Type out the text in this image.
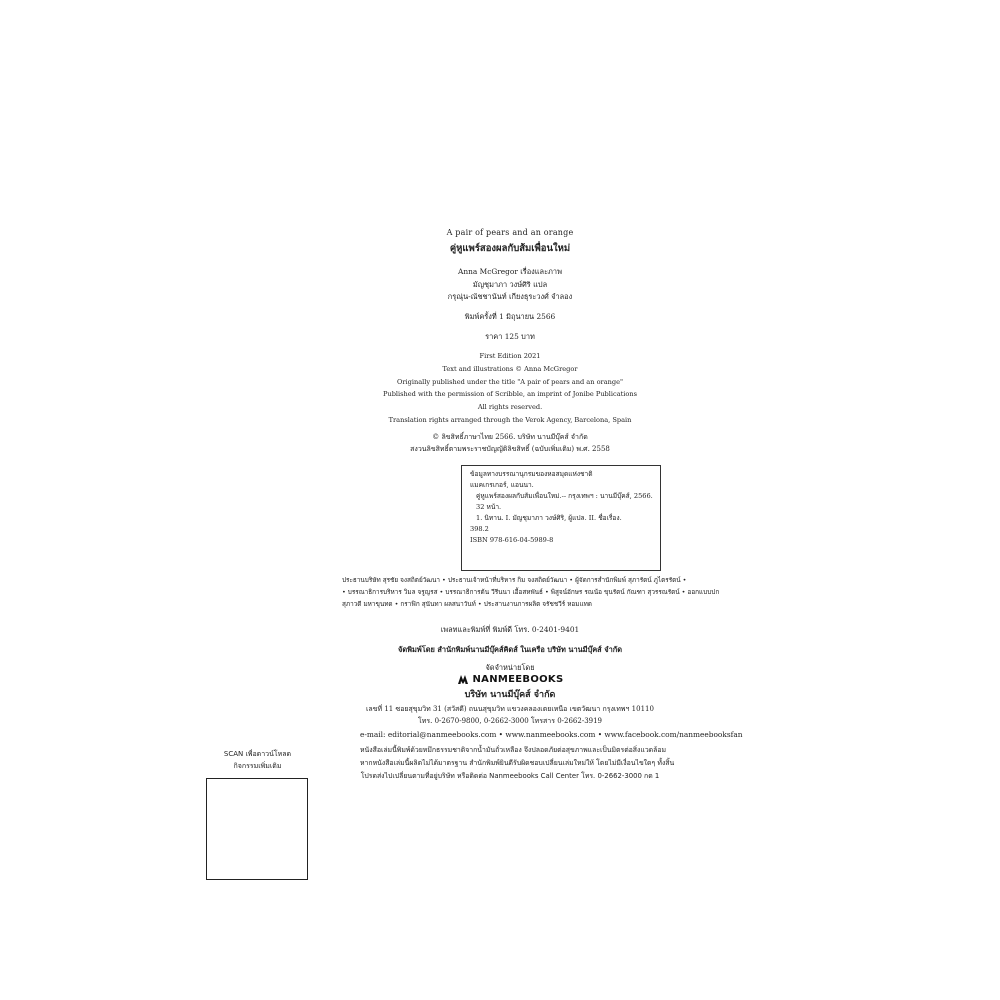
A pair of pears and an orange
คู่หูแพร์สองผลกับส้มเพื่อนใหม่
Anna McGregor เรื่องและภาพ
มัญชุมาภา วงษ์ศิริ แปล
กรุณุ่น-ณัชชานันท์ เกียงธุระวงศ์ จำลอง
พิมพ์ครั้งที่ 1 มิถุนายน 2566
ราคา 125 บาท
First Edition 2021
Text and illustrations © Anna McGregor
Originally published under the title "A pair of pears and an orange"
Published with the permission of Scribble, an imprint of Jonibe Publications
All rights reserved.
Translation rights arranged through the Verok Agency, Barcelona, Spain
© ลิขสิทธิ์ภาษาไทย 2566. บริษัท นานมีบุ๊คส์ จำกัด
สงวนลิขสิทธิ์ตามพระราชบัญญัติลิขสิทธิ์ (ฉบับเพิ่มเติม) พ.ศ. 2558
เพลทและพิมพ์ที่ พิมพ์ดี โทร. 0-2401-9401
จัดพิมพ์โดย สำนักพิมพ์นานมีบุ๊คส์คิดส์ ในเครือ บริษัท นานมีบุ๊คส์ จำกัด
จัดจำหน่ายโดย
NANMEEBOOKS
บริษัท นานมีบุ๊คส์ จำกัด
เลขที่ 11 ซอยสุขุมวิท 31 (สวัสดี) ถนนสุขุมวิท แขวงคลองเตยเหนือ เขตวัฒนา กรุงเทพฯ 10110
โทร. 0-2670-9800, 0-2662-3000 โทรสาร 0-2662-3919
e-mail: editorial@nanmeebooks.com • www.nanmeebooks.com • www.facebook.com/nanmeebooksfan
หนังสือเล่มนี้พิมพ์ด้วยหมึกธรรมชาติจากน้ำมันถั่วเหลือง จึงปลอดภัยต่อสุขภาพและเป็นมิตรต่อสิ่งแวดล้อม
หากหนังสือเล่มนี้ผลิตไม่ได้มาตรฐาน สำนักพิมพ์ยินดีรับผิดชอบเปลี่ยนเล่มใหม่ให้ โดยไม่มีเงื่อนไขใดๆ ทั้งสิ้น
โปรดส่งไปเปลี่ยนตามที่อยู่บริษัท หรือติดต่อ Nanmeebooks Call Center โทร. 0-2662-3000 กด 1
ข้อมูลทางบรรณานุกรมของหอสมุดแห่งชาติ
แมคเกรเกอร์, แอนนา.
คู่หูแพร์สองผลกับส้มเพื่อนใหม่.-- กรุงเทพฯ : นานมีบุ๊คส์, 2566.
32 หน้า.
1. นิทาน. I. มัญชุมาภา วงษ์ศิริ, ผู้แปล. II. ชื่อเรื่อง.
398.2
ISBN 978-616-04-5989-8
ประธานบริษัท สุรชัย จงสถิตย์วัฒนา • ประธานเจ้าหน้าที่บริหาร กิม จงสถิตย์วัฒนา • ผู้จัดการสำนักพิมพ์ สุภารัตน์ ภูไตรรัตน์ •
• บรรณาธิการบริหาร วิมล จรูญรส • บรรณาธิการต้น วีรีนนา เอื้อสหพันธ์ • พิสูจน์อักษร รณน้อ ขุนรัตน์ กัณฑา สุวรรณรัตน์ • ออกแบบปก
สุภาวดี มหาขุนทด • กราฟิก สุนันทา ผลสนาวันท์ • ประสานงานการผลิต จรัชชวีร์ หอมแทด
SCAN เพื่อดาวน์โหลด
กิจกรรมเพิ่มเติม
